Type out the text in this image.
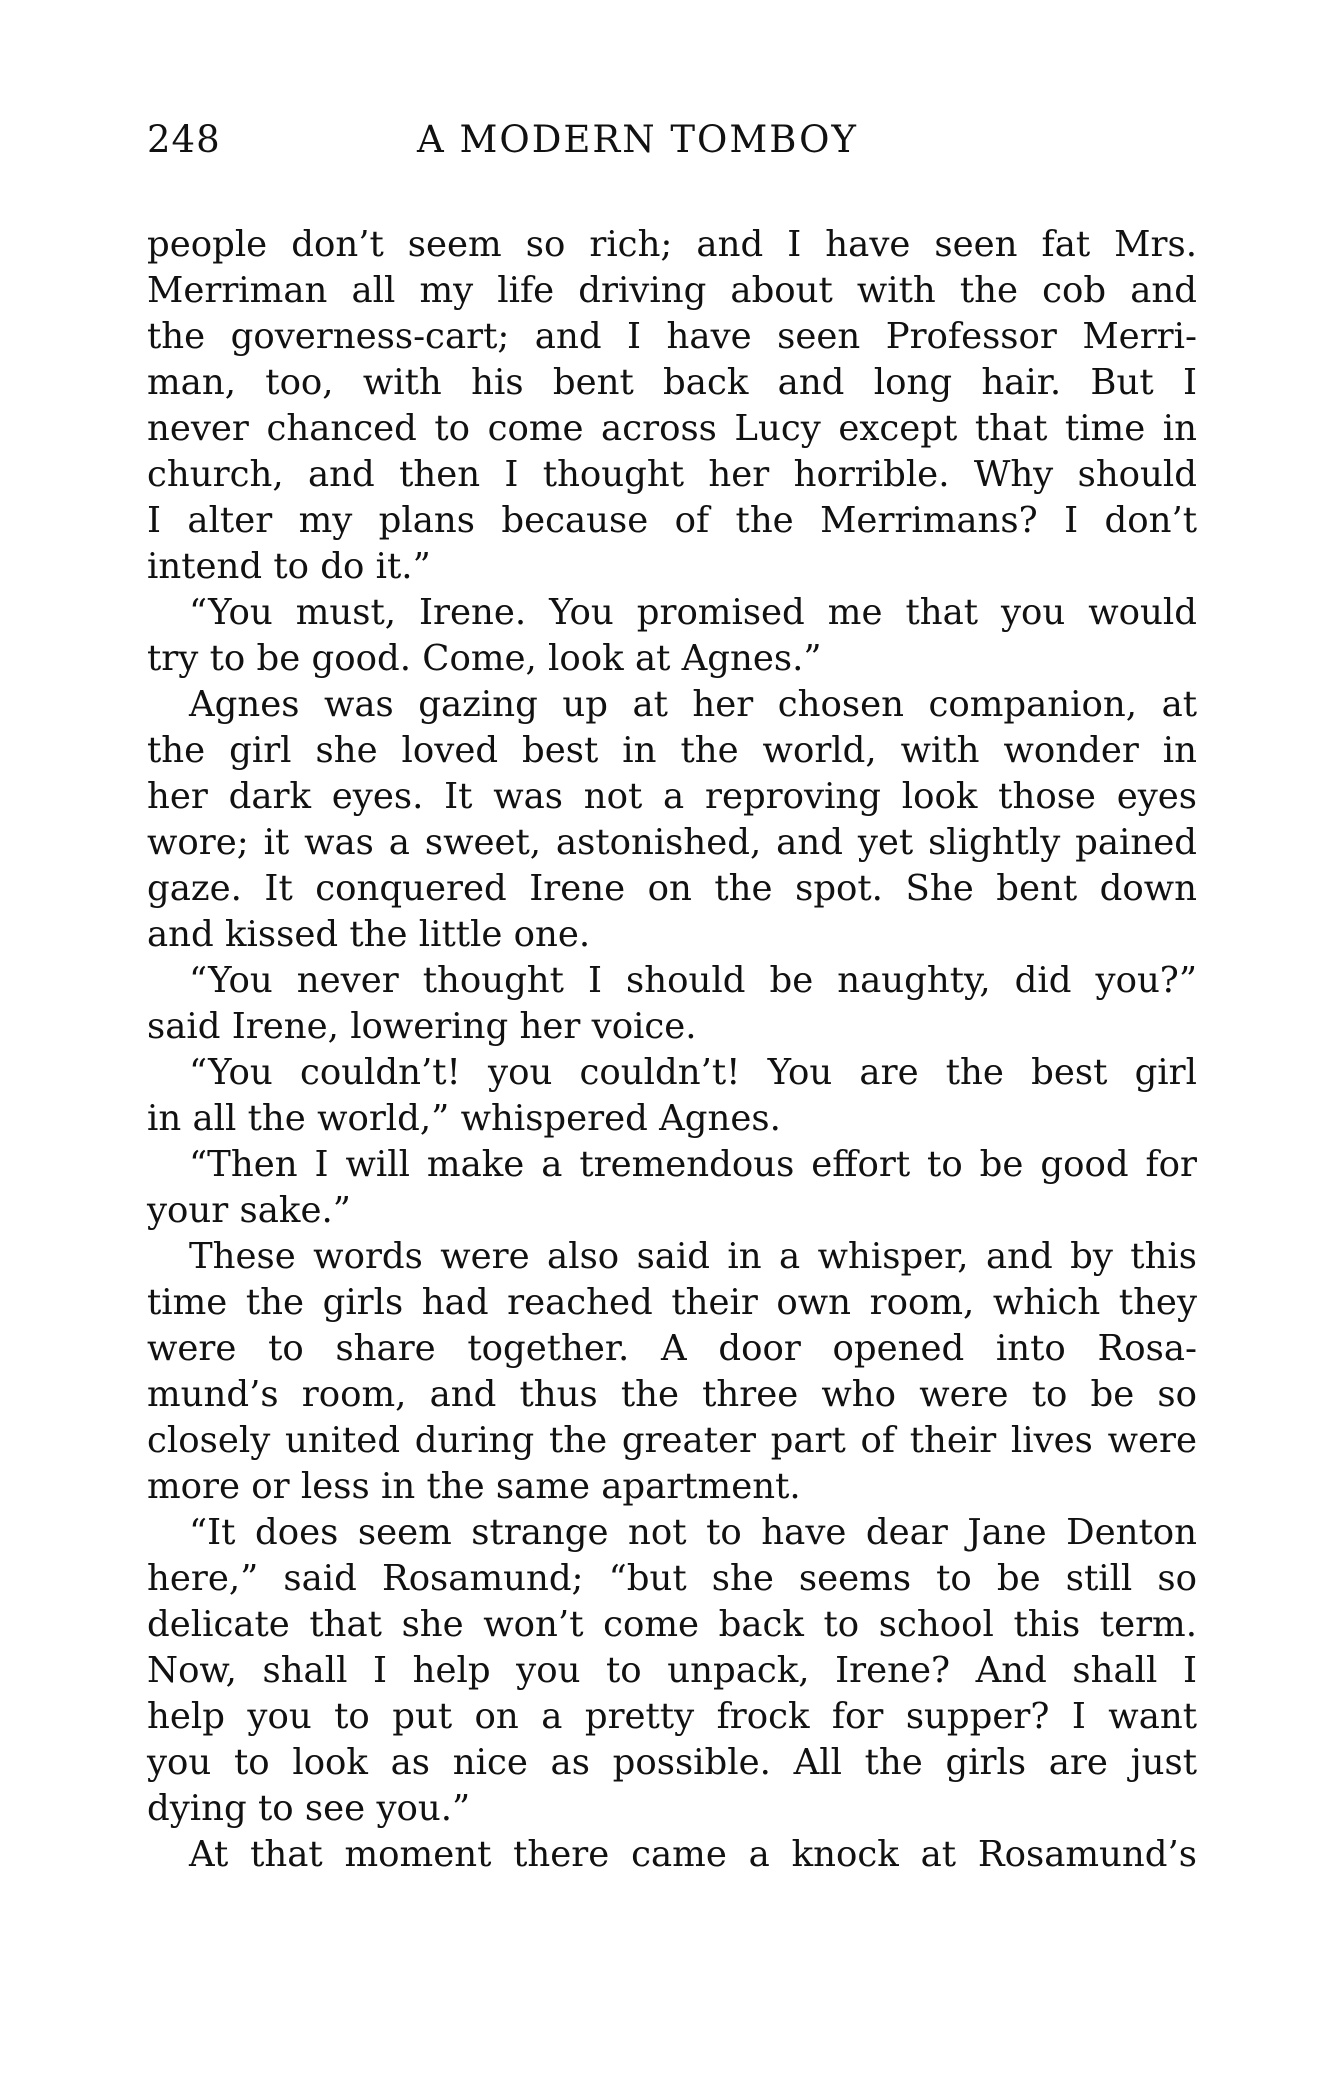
248	A MODERN TOMBOY
people don’t seem so rich; and I have seen fat Mrs.
Merriman all my life driving about with the cob and
the governess-cart; and I have seen Professor Merri-
man, too, with his bent back and long hair. But I
never chanced to come across Lucy except that time in
church, and then I thought her horrible. Why should
I alter my plans because of the Merrimans? I don’t
intend to do it.”
“You must, Irene. You promised me that you would
try to be good. Come, look at Agnes.”
Agnes was gazing up at her chosen companion, at
the girl she loved best in the world, with wonder in
her dark eyes. It was not a reproving look those eyes
wore; it was a sweet, astonished, and yet slightly pained
gaze. It conquered Irene on the spot. She bent down
and kissed the little one.
“You never thought I should be naughty, did you?”
said Irene, lowering her voice.
“You couldn’t! you couldn’t! You are the best girl
in all the world,” whispered Agnes.
“Then I will make a tremendous effort to be good for
your sake.”
These words were also said in a whisper, and by this
time the girls had reached their own room, which they
were to share together. A door opened into Rosa-
mund’s room, and thus the three who were to be so
closely united during the greater part of their lives were
more or less in the same apartment.
“It does seem strange not to have dear Jane Denton
here,” said Rosamund; “but she seems to be still so
delicate that she won’t come back to school this term.
Now, shall I help you to unpack, Irene? And shall I
help you to put on a pretty frock for supper? I want
you to look as nice as possible. All the girls are just
dying to see you.”
At that moment there came a knock at Rosamund’s
